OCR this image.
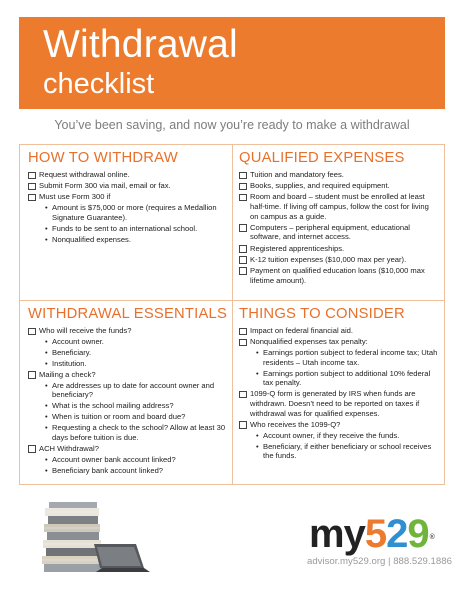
Withdrawal
checklist
You’ve been saving, and now you’re ready to make a withdrawal
HOW TO WITHDRAW
Request withdrawal online.
Submit Form 300 via mail, email or fax.
Must use Form 300 if
• Amount is $75,000 or more (requires a Medallion Signature Guarantee).
• Funds to be sent to an international school.
• Nonqualified expenses.
QUALIFIED EXPENSES
Tuition and mandatory fees.
Books, supplies, and required equipment.
Room and board – student must be enrolled at least half-time. If living off campus, follow the cost for living on campus as a guide.
Computers – peripheral equipment, educational software, and internet access.
Registered apprenticeships.
K-12 tuition expenses ($10,000 max per year).
Payment on qualified education loans ($10,000 max lifetime amount).
WITHDRAWAL ESSENTIALS
Who will receive the funds?
• Account owner.
• Beneficiary.
• Institution.
Mailing a check?
• Are addresses up to date for account owner and beneficiary?
• What is the school mailing address?
• When is tuition or room and board due?
• Requesting a check to the school? Allow at least 30 days before tuition is due.
ACH Withdrawal?
• Account owner bank account linked?
• Beneficiary bank account linked?
THINGS TO CONSIDER
Impact on federal financial aid.
Nonqualified expenses tax penalty:
• Earnings portion subject to federal income tax; Utah residents – Utah income tax.
• Earnings portion subject to additional 10% federal tax penalty.
1099-Q form is generated by IRS when funds are withdrawn. Doesn’t need to be reported on taxes if withdrawal was for qualified expenses.
Who receives the 1099-Q?
• Account owner, if they receive the funds.
• Beneficiary, if either beneficiary or school receives the funds.
my529®
advisor.my529.org | 888.529.1886
